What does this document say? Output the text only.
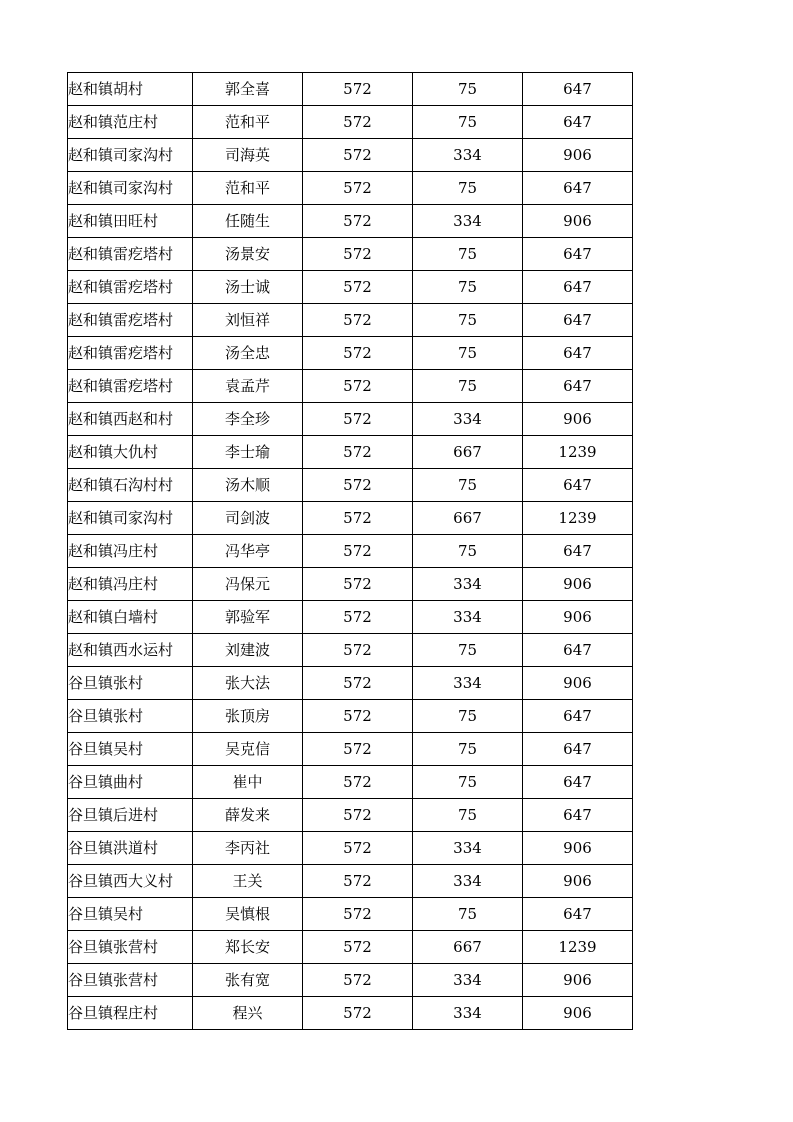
赵和镇胡村	郭全喜	572	75	647
赵和镇范庄村	范和平	572	75	647
赵和镇司家沟村	司海英	572	334	906
赵和镇司家沟村	范和平	572	75	647
赵和镇田旺村	任随生	572	334	906
赵和镇雷疙塔村	汤景安	572	75	647
赵和镇雷疙塔村	汤士诚	572	75	647
赵和镇雷疙塔村	刘恒祥	572	75	647
赵和镇雷疙塔村	汤全忠	572	75	647
赵和镇雷疙塔村	袁孟芹	572	75	647
赵和镇西赵和村	李全珍	572	334	906
赵和镇大仇村	李士瑜	572	667	1239
赵和镇石沟村村	汤木顺	572	75	647
赵和镇司家沟村	司剑波	572	667	1239
赵和镇冯庄村	冯华亭	572	75	647
赵和镇冯庄村	冯保元	572	334	906
赵和镇白墙村	郭验军	572	334	906
赵和镇西水运村	刘建波	572	75	647
谷旦镇张村	张大法	572	334	906
谷旦镇张村	张顶房	572	75	647
谷旦镇吴村	吴克信	572	75	647
谷旦镇曲村	崔中	572	75	647
谷旦镇后进村	薛发来	572	75	647
谷旦镇洪道村	李丙社	572	334	906
谷旦镇西大义村	王关	572	334	906
谷旦镇吴村	吴慎根	572	75	647
谷旦镇张营村	郑长安	572	667	1239
谷旦镇张营村	张有宽	572	334	906
谷旦镇程庄村	程兴	572	334	906
